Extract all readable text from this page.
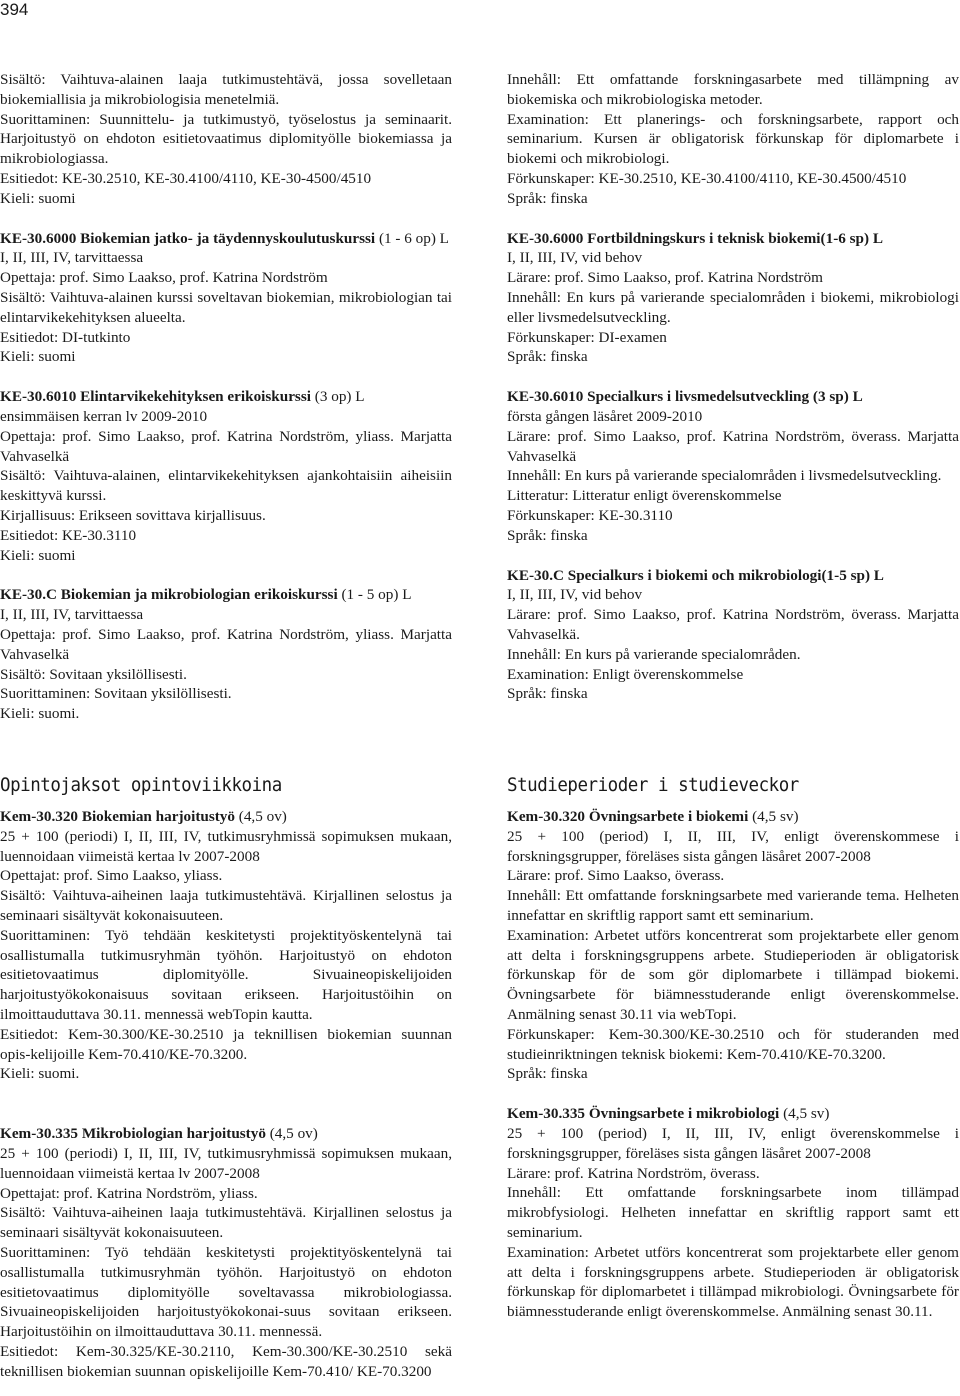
394

Sisältö: Vaihtuva-alainen laaja tutkimustehtävä, jossa sovelletaan biokemiallisia ja mikrobiologisia menetelmiä.

Suorittaminen: Suunnittelu- ja tutkimustyö, työselostus ja seminaarit. Harjoitustyö on ehdoton esitietovaatimus diplomityölle biokemiassa ja mikrobiologiassa.

Esitiedot: KE-30.2510, KE-30.4100/4110, KE-30-4500/4510

Kieli: suomi

KE-30.6000 Biokemian jatko- ja täydennyskoulutuskurssi (1 - 6 op) L

I, II, III, IV, tarvittaessa

Opettaja: prof. Simo Laakso, prof. Katrina Nordström

Sisältö: Vaihtuva-alainen kurssi soveltavan biokemian, mikrobiologian tai elintarvikekehityksen alueelta.

Esitiedot: DI-tutkinto

Kieli: suomi

KE-30.6010 Elintarvikekehityksen erikoiskurssi (3 op) L

ensimmäisen kerran lv 2009-2010

Opettaja: prof. Simo Laakso, prof. Katrina Nordström, yliass. Marjatta Vahvaselkä

Sisältö: Vaihtuva-alainen, elintarvikekehityksen ajankohtaisiin aiheisiin keskittyvä kurssi.

Kirjallisuus: Erikseen sovittava kirjallisuus.

Esitiedot: KE-30.3110

Kieli: suomi

KE-30.C Biokemian ja mikrobiologian erikoiskurssi (1 - 5 op) L

I, II, III, IV, tarvittaessa

Opettaja: prof. Simo Laakso, prof. Katrina Nordström, yliass. Marjatta Vahvaselkä

Sisältö: Sovitaan yksilöllisesti.

Suorittaminen: Sovitaan yksilöllisesti.

Kieli: suomi.

Innehåll: Ett omfattande forskningasarbete med tillämpning av biokemiska och mikrobiologiska metoder.

Examination: Ett planerings- och forskningsarbete, rapport och seminarium. Kursen är obligatorisk förkunskap för diplomarbete i biokemi och mikrobiologi.

Förkunskaper: KE-30.2510, KE-30.4100/4110, KE-30.4500/4510

Språk: finska

KE-30.6000 Fortbildningskurs i teknisk biokemi(1-6 sp) L

I, II, III, IV, vid behov

Lärare: prof. Simo Laakso, prof. Katrina Nordström

Innehåll: En kurs på varierande specialområden i biokemi, mikrobiologi eller livsmedelsutveckling.

Förkunskaper: DI-examen

Språk: finska

KE-30.6010 Specialkurs i livsmedelsutveckling (3 sp) L

första gången läsåret 2009-2010

Lärare: prof. Simo Laakso, prof. Katrina Nordström, överass. Marjatta Vahvaselkä

Innehåll: En kurs på varierande specialområden i livsmedelsutveckling.

Litteratur: Litteratur enligt överenskommelse

Förkunskaper: KE-30.3110

Språk: finska

KE-30.C Specialkurs i biokemi och mikrobiologi(1-5 sp) L

I, II, III, IV, vid behov

Lärare: prof. Simo Laakso, prof. Katrina Nordström, överass. Marjatta Vahvaselkä.

Innehåll: En kurs på varierande specialområden.

Examination: Enligt överenskommelse

Språk: finska

Opintojaksot opintoviikkoina	Studieperioder i studieveckor

Kem-30.320 Biokemian harjoitustyö (4,5 ov)

25 + 100 (periodi) I, II, III, IV, tutkimusryhmissä sopimuksen mukaan, luennoidaan viimeistä kertaa lv 2007-2008

Opettajat: prof. Simo Laakso, yliass.

Sisältö: Vaihtuva-aiheinen laaja tutkimustehtävä. Kirjallinen selostus ja seminaari sisältyvät kokonaisuuteen.

Suorittaminen: Työ tehdään keskitetysti projektityöskentelynä tai osallistumalla tutkimusryhmän työhön. Harjoitustyö on ehdoton esitietovaatimus diplomityölle. Sivuaineopiskelijoiden harjoitustyökokonaisuus sovitaan erikseen. Harjoitustöihin on ilmoittauduttava 30.11. mennessä webTopin kautta.

Esitiedot: Kem-30.300/KE-30.2510 ja teknillisen biokemian suunnan opis-kelijoille Kem-70.410/KE-70.3200.

Kieli: suomi.

Kem-30.335 Mikrobiologian harjoitustyö (4,5 ov)

25 + 100 (periodi) I, II, III, IV, tutkimusryhmissä sopimuksen mukaan, luennoidaan viimeistä kertaa lv 2007-2008

Opettajat: prof. Katrina Nordström, yliass.

Sisältö: Vaihtuva-aiheinen laaja tutkimustehtävä. Kirjallinen selostus ja seminaari sisältyvät kokonaisuuteen.

Suorittaminen: Työ tehdään keskitetysti projektityöskentelynä tai osallistumalla tutkimusryhmän työhön. Harjoitustyö on ehdoton esitietovaatimus diplomityölle soveltavassa mikrobiologiassa. Sivuaineopiskelijoiden harjoitustyökokonai-suus sovitaan erikseen. Harjoitustöihin on ilmoittauduttava 30.11. mennessä.

Esitiedot: Kem-30.325/KE-30.2110, Kem-30.300/KE-30.2510 sekä teknillisen biokemian suunnan opiskelijoille Kem-70.410/ KE-70.3200

Kem-30.320 Övningsarbete i biokemi (4,5 sv)

25 + 100 (period) I, II, III, IV, enligt överenskommese i forskningsgrupper, föreläses sista gången läsåret 2007-2008

Lärare: prof. Simo Laakso, överass.

Innehåll: Ett omfattande forskningsarbete med varierande tema. Helheten innefattar en skriftlig rapport samt ett seminarium.

Examination: Arbetet utförs koncentrerat som projektarbete eller genom att delta i forskningsgruppens arbete. Studieperioden är obligatorisk förkunskap för de som gör diplomarbete i tillämpad biokemi. Övningsarbete för biämnesstuderande enligt överenskommelse. Anmälning senast 30.11 via webTopi.

Förkunskaper: Kem-30.300/KE-30.2510 och för studeranden med studieinriktningen teknisk biokemi: Kem-70.410/KE-70.3200.

Språk: finska

Kem-30.335 Övningsarbete i mikrobiologi (4,5 sv)

25 + 100 (period) I, II, III, IV, enligt överenskommelse i forskningsgrupper, föreläses sista gången läsåret 2007-2008

Lärare: prof. Katrina Nordström, överass.

Innehåll: Ett omfattande forskningsarbete inom tillämpad mikrobfysiologi. Helheten innefattar en skriftlig rapport samt ett seminarium.

Examination: Arbetet utförs koncentrerat som projektarbete eller genom att delta i forskningsgruppens arbete. Studieperioden är obligatorisk förkunskap för diplomarbetet i tillämpad mikrobiologi. Övningsarbete för biämnesstuderande enligt överenskommelse. Anmälning senast 30.11.
